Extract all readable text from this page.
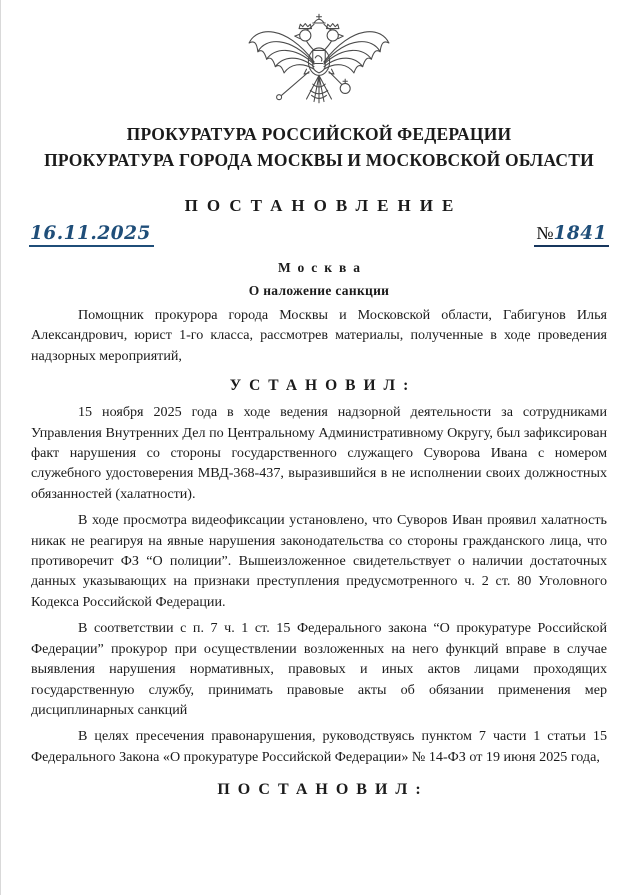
ПРОКУРАТУРА РОССИЙСКОЙ ФЕДЕРАЦИИ
ПРОКУРАТУРА ГОРОДА МОСКВЫ И МОСКОВСКОЙ ОБЛАСТИ
ПОСТАНОВЛЕНИЕ
16.11.2025	№1841
Москва
О наложение санкции

Помощник прокурора города Москвы и Московской области, Габигунов Илья Александрович, юрист 1-го класса, рассмотрев материалы, полученные в ходе проведения надзорных мероприятий,

УСТАНОВИЛ:

15 ноября 2025 года в ходе ведения надзорной деятельности за сотрудниками Управления Внутренних Дел по Центральному Административному Округу, был зафиксирован факт нарушения со стороны государственного служащего Суворова Ивана с номером служебного удостоверения МВД-368-437, выразившийся в не исполнении своих должностных обязанностей (халатности).

В ходе просмотра видеофиксации установлено, что Суворов Иван проявил халатность никак не реагируя на явные нарушения законодательства со стороны гражданского лица, что противоречит ФЗ “О полиции”. Вышеизложенное свидетельствует о наличии достаточных данных указывающих на признаки преступления предусмотренного ч. 2 ст. 80 Уголовного Кодекса Российской Федерации.

В соответствии с п. 7 ч. 1 ст. 15 Федерального закона “О прокуратуре Российской Федерации” прокурор при осуществлении возложенных на него функций вправе в случае выявления нарушения нормативных, правовых и иных актов лицами проходящих государственную службу, принимать правовые акты об обязании применения мер дисциплинарных санкций

В целях пресечения правонарушения, руководствуясь пунктом 7 части 1 статьи 15 Федерального Закона «О прокуратуре Российской Федерации» № 14-ФЗ от 19 июня 2025 года,

ПОСТАНОВИЛ:
